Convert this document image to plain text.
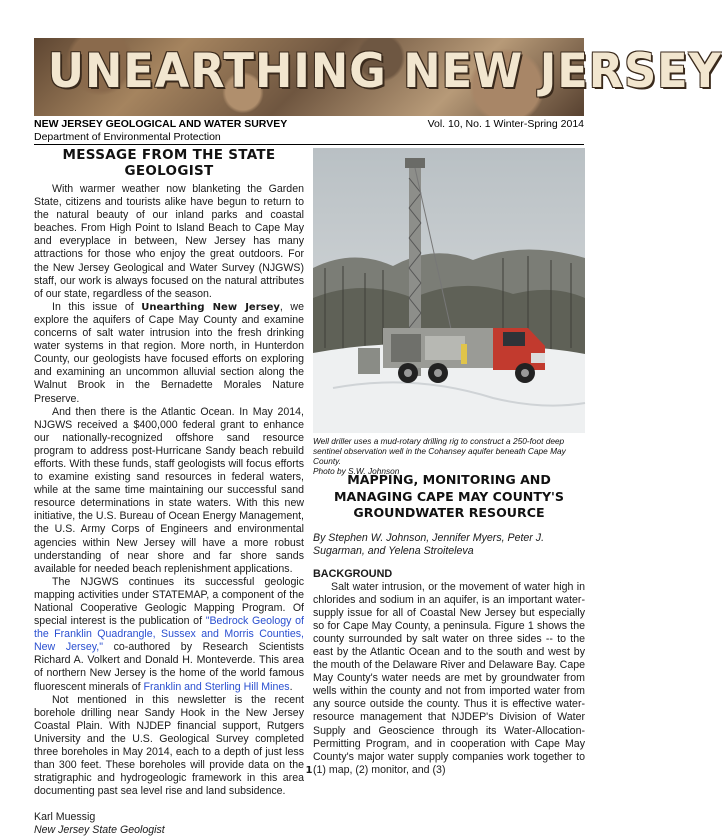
UNEARTHING NEW JERSEY
NEW JERSEY GEOLOGICAL AND WATER SURVEY	Vol. 10, No. 1 Winter-Spring 2014
Department of Environmental Protection
MESSAGE FROM THE STATE GEOLOGIST

With warmer weather now blanketing the Garden State, citizens and tourists alike have begun to return to the natural beauty of our inland parks and coastal beaches. From High Point to Island Beach to Cape May and everyplace in between, New Jersey has many attractions for those who enjoy the great outdoors. For the New Jersey Geological and Water Survey (NJGWS) staff, our work is always focused on the natural attributes of our state, regardless of the season.

In this issue of Unearthing New Jersey, we explore the aquifers of Cape May County and examine concerns of salt water intrusion into the fresh drinking water systems in that region. More north, in Hunterdon County, our geologists have focused efforts on exploring and examining an uncommon alluvial section along the Walnut Brook in the Bernadette Morales Nature Preserve.

And then there is the Atlantic Ocean. In May 2014, NJGWS received a $400,000 federal grant to enhance our nationally-recognized offshore sand resource program to address post-Hurricane Sandy beach rebuild efforts. With these funds, staff geologists will focus efforts to examine existing sand resources in federal waters, while at the same time maintaining our successful sand resource determinations in state waters. With this new initiative, the U.S. Bureau of Ocean Energy Management, the U.S. Army Corps of Engineers and environmental agencies within New Jersey will have a more robust understanding of near shore and far shore sands available for needed beach replenishment applications.

The NJGWS continues its successful geologic mapping activities under STATEMAP, a component of the National Cooperative Geologic Mapping Program. Of special interest is the publication of "Bedrock Geology of the Franklin Quadrangle, Sussex and Morris Counties, New Jersey," co-authored by Research Scientists Richard A. Volkert and Donald H. Monteverde. This area of northern New Jersey is the home of the world famous fluorescent minerals of Franklin and Sterling Hill Mines.

Not mentioned in this newsletter is the recent borehole drilling near Sandy Hook in the New Jersey Coastal Plain. With NJDEP financial support, Rutgers University and the U.S. Geological Survey completed three boreholes in May 2014, each to a depth of just less than 300 feet. These boreholes will provide data on the stratigraphic and hydrogeologic framework in this area documenting past sea level rise and land subsidence.

Karl Muessig
New Jersey State Geologist
Well driller uses a mud-rotary drilling rig to construct a 250-foot deep sentinel observation well in the Cohansey aquifer beneath Cape May County.
Photo by S.W. Johnson
MAPPING, MONITORING AND MANAGING CAPE MAY COUNTY'S GROUNDWATER RESOURCE

By Stephen W. Johnson, Jennifer Myers, Peter J. Sugarman, and Yelena Stroiteleva

BACKGROUND

Salt water intrusion, or the movement of water high in chlorides and sodium in an aquifer, is an important water-supply issue for all of Coastal New Jersey but especially so for Cape May County, a peninsula. Figure 1 shows the county surrounded by salt water on three sides -- to the east by the Atlantic Ocean and to the south and west by the mouth of the Delaware River and Delaware Bay. Cape May County's water needs are met by groundwater from wells within the county and not from imported water from any source outside the county. Thus it is effective water-resource management that NJDEP's Division of Water Supply and Geoscience through its Water-Allocation-Permitting Program, and in cooperation with Cape May County's major water supply companies work together to (1) map, (2) monitor, and (3)

1
